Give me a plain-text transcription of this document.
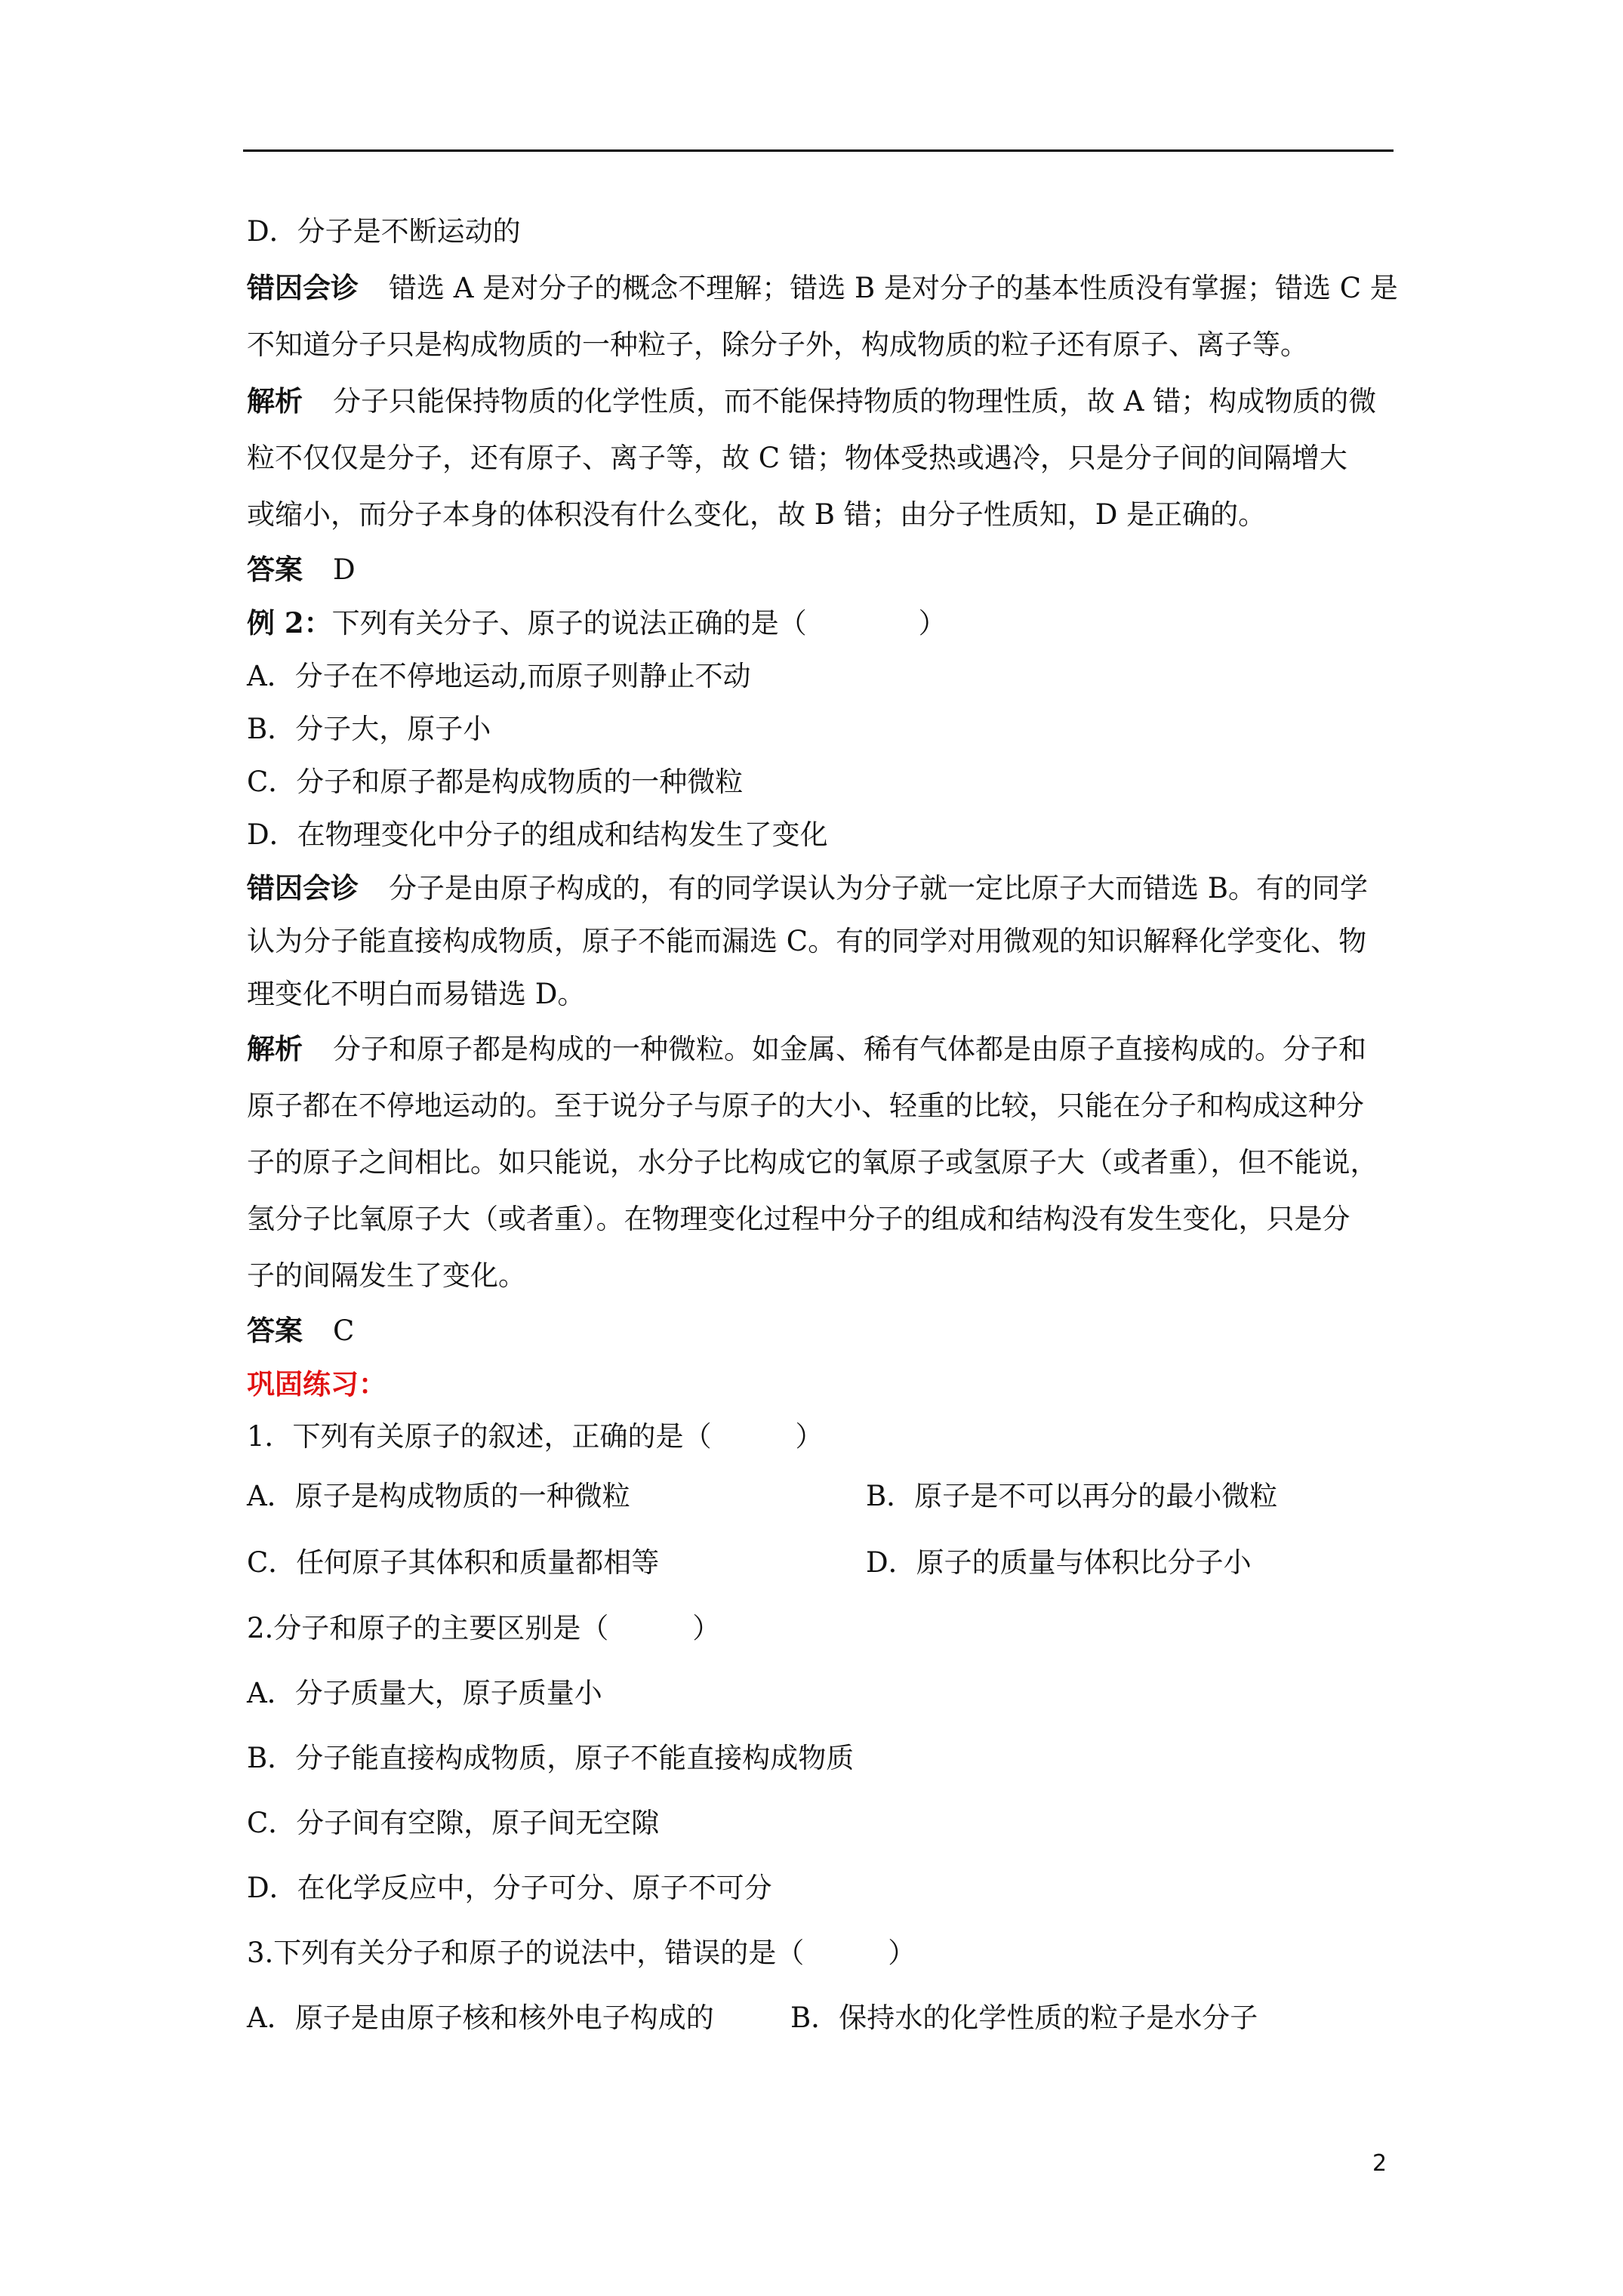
D．分子是不断运动的
错因会诊 错选 A 是对分子的概念不理解；错选 B 是对分子的基本性质没有掌握；错选 C 是
不知道分子只是构成物质的一种粒子，除分子外，构成物质的粒子还有原子、离子等。
解析 分子只能保持物质的化学性质，而不能保持物质的物理性质，故 A 错；构成物质的微
粒不仅仅是分子，还有原子、离子等，故 C 错；物体受热或遇冷，只是分子间的间隔增大
或缩小，而分子本身的体积没有什么变化，故 B 错；由分子性质知，D 是正确的。
答案 D
例 2：下列有关分子、原子的说法正确的是（　　　　）
A．分子在不停地运动,而原子则静止不动
B．分子大，原子小
C．分子和原子都是构成物质的一种微粒
D．在物理变化中分子的组成和结构发生了变化
错因会诊 分子是由原子构成的，有的同学误认为分子就一定比原子大而错选 B。有的同学
认为分子能直接构成物质，原子不能而漏选 C。有的同学对用微观的知识解释化学变化、物
理变化不明白而易错选 D。
解析 分子和原子都是构成的一种微粒。如金属、稀有气体都是由原子直接构成的。分子和
原子都在不停地运动的。至于说分子与原子的大小、轻重的比较，只能在分子和构成这种分
子的原子之间相比。如只能说，水分子比构成它的氧原子或氢原子大（或者重），但不能说，
氢分子比氧原子大（或者重）。在物理变化过程中分子的组成和结构没有发生变化，只是分
子的间隔发生了变化。
答案 C
巩固练习：
1．下列有关原子的叙述，正确的是（　　　）
A．原子是构成物质的一种微粒	B．原子是不可以再分的最小微粒
C．任何原子其体积和质量都相等	D．原子的质量与体积比分子小
2.分子和原子的主要区别是（　　　）
A．分子质量大，原子质量小
B．分子能直接构成物质，原子不能直接构成物质
C．分子间有空隙，原子间无空隙
D．在化学反应中，分子可分、原子不可分
3.下列有关分子和原子的说法中，错误的是（　　　）
A．原子是由原子核和核外电子构成的	B．保持水的化学性质的粒子是水分子
2
